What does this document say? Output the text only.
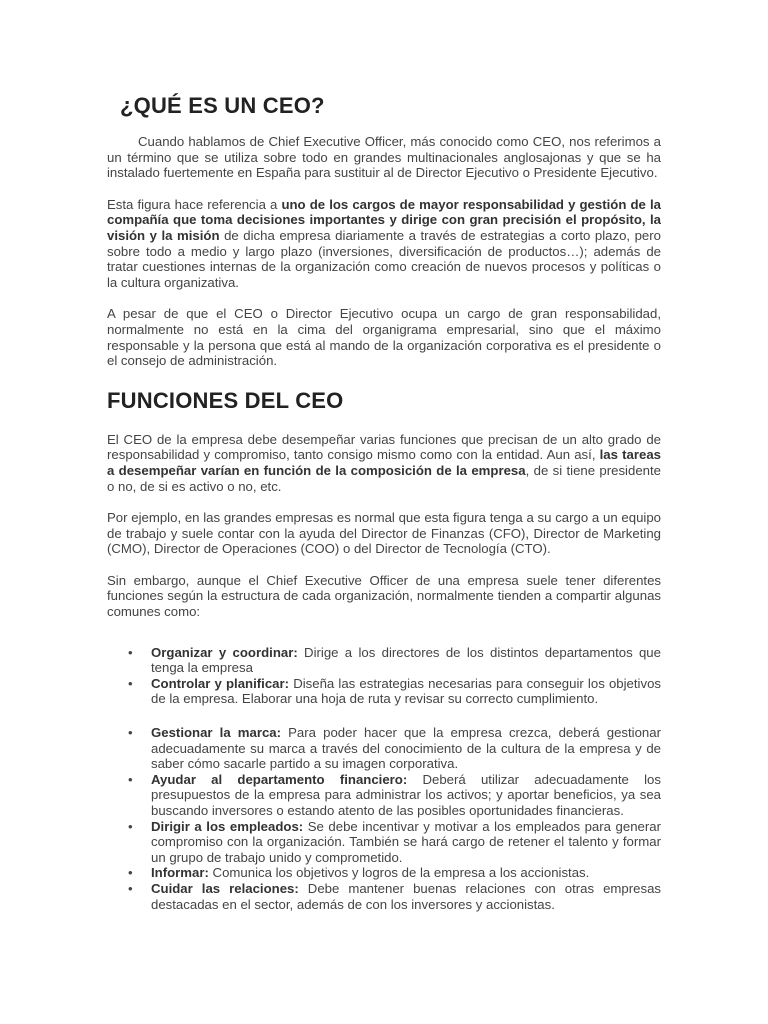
¿QUÉ ES UN CEO?

Cuando hablamos de Chief Executive Officer, más conocido como CEO, nos referimos a un término que se utiliza sobre todo en grandes multinacionales anglosajonas y que se ha instalado fuertemente en España para sustituir al de Director Ejecutivo o Presidente Ejecutivo.

Esta figura hace referencia a uno de los cargos de mayor responsabilidad y gestión de la compañía que toma decisiones importantes y dirige con gran precisión el propósito, la visión y la misión de dicha empresa diariamente a través de estrategias a corto plazo, pero sobre todo a medio y largo plazo (inversiones, diversificación de productos…); además de tratar cuestiones internas de la organización como creación de nuevos procesos y políticas o la cultura organizativa.

A pesar de que el CEO o Director Ejecutivo ocupa un cargo de gran responsabilidad, normalmente no está en la cima del organigrama empresarial, sino que el máximo responsable y la persona que está al mando de la organización corporativa es el presidente o el consejo de administración.

FUNCIONES DEL CEO

El CEO de la empresa debe desempeñar varias funciones que precisan de un alto grado de responsabilidad y compromiso, tanto consigo mismo como con la entidad. Aun así, las tareas a desempeñar varían en función de la composición de la empresa, de si tiene presidente o no, de si es activo o no, etc.

Por ejemplo, en las grandes empresas es normal que esta figura tenga a su cargo a un equipo de trabajo y suele contar con la ayuda del Director de Finanzas (CFO), Director de Marketing (CMO), Director de Operaciones (COO) o del Director de Tecnología (CTO).

Sin embargo, aunque el Chief Executive Officer de una empresa suele tener diferentes funciones según la estructura de cada organización, normalmente tienden a compartir algunas comunes como:

• Organizar y coordinar: Dirige a los directores de los distintos departamentos que tenga la empresa
• Controlar y planificar: Diseña las estrategias necesarias para conseguir los objetivos de la empresa. Elaborar una hoja de ruta y revisar su correcto cumplimiento.
• Gestionar la marca: Para poder hacer que la empresa crezca, deberá gestionar adecuadamente su marca a través del conocimiento de la cultura de la empresa y de saber cómo sacarle partido a su imagen corporativa.
• Ayudar al departamento financiero: Deberá utilizar adecuadamente los presupuestos de la empresa para administrar los activos; y aportar beneficios, ya sea buscando inversores o estando atento de las posibles oportunidades financieras.
• Dirigir a los empleados: Se debe incentivar y motivar a los empleados para generar compromiso con la organización. También se hará cargo de retener el talento y formar un grupo de trabajo unido y comprometido.
• Informar: Comunica los objetivos y logros de la empresa a los accionistas.
• Cuidar las relaciones: Debe mantener buenas relaciones con otras empresas destacadas en el sector, además de con los inversores y accionistas.
